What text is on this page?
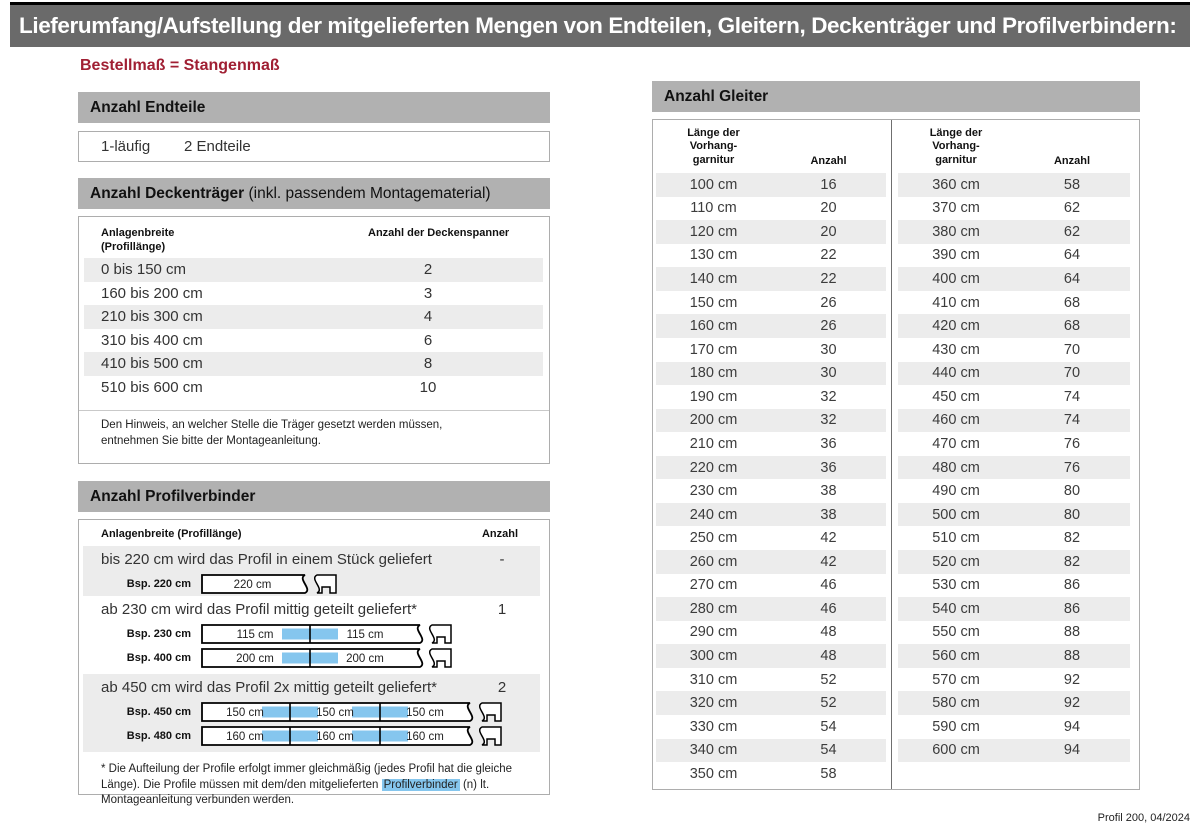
Lieferumfang/Aufstellung der mitgelieferten Mengen von Endteilen, Gleitern, Deckenträger und Profilverbindern:
Bestellmaß = Stangenmaß
Anzahl Endteile
1-läufig 2 Endteile
Anzahl Deckenträger (inkl. passendem Montagematerial)
Anlagenbreite
(Profillänge)
Anzahl der Deckenspanner
0 bis 150 cm	2
160 bis 200 cm	3
210 bis 300 cm	4
310 bis 400 cm	6
410 bis 500 cm	8
510 bis 600 cm	10
Den Hinweis, an welcher Stelle die Träger gesetzt werden müssen, entnehmen Sie bitte der Montageanleitung.
Anzahl Profilverbinder
Anlagenbreite (Profillänge)	Anzahl
bis 220 cm wird das Profil in einem Stück geliefert	-
Bsp. 220 cm	220 cm
ab 230 cm wird das Profil mittig geteilt geliefert*	1
Bsp. 230 cm	115 cm	115 cm
Bsp. 400 cm	200 cm	200 cm
ab 450 cm wird das Profil 2x mittig geteilt geliefert*	2
Bsp. 450 cm	150 cm	150 cm	150 cm
Bsp. 480 cm	160 cm	160 cm	160 cm
* Die Aufteilung der Profile erfolgt immer gleichmäßig (jedes Profil hat die gleiche Länge). Die Profile müssen mit dem/den mitgelieferten Profilverbinder (n) lt. Montageanleitung verbunden werden.
Anzahl Gleiter
Länge der
Vorhang-
garnitur	Anzahl
100 cm	16
110 cm	20
120 cm	20
130 cm	22
140 cm	22
150 cm	26
160 cm	26
170 cm	30
180 cm	30
190 cm	32
200 cm	32
210 cm	36
220 cm	36
230 cm	38
240 cm	38
250 cm	42
260 cm	42
270 cm	46
280 cm	46
290 cm	48
300 cm	48
310 cm	52
320 cm	52
330 cm	54
340 cm	54
350 cm	58
Länge der
Vorhang-
garnitur	Anzahl
360 cm	58
370 cm	62
380 cm	62
390 cm	64
400 cm	64
410 cm	68
420 cm	68
430 cm	70
440 cm	70
450 cm	74
460 cm	74
470 cm	76
480 cm	76
490 cm	80
500 cm	80
510 cm	82
520 cm	82
530 cm	86
540 cm	86
550 cm	88
560 cm	88
570 cm	92
580 cm	92
590 cm	94
600 cm	94
Profil 200, 04/2024
